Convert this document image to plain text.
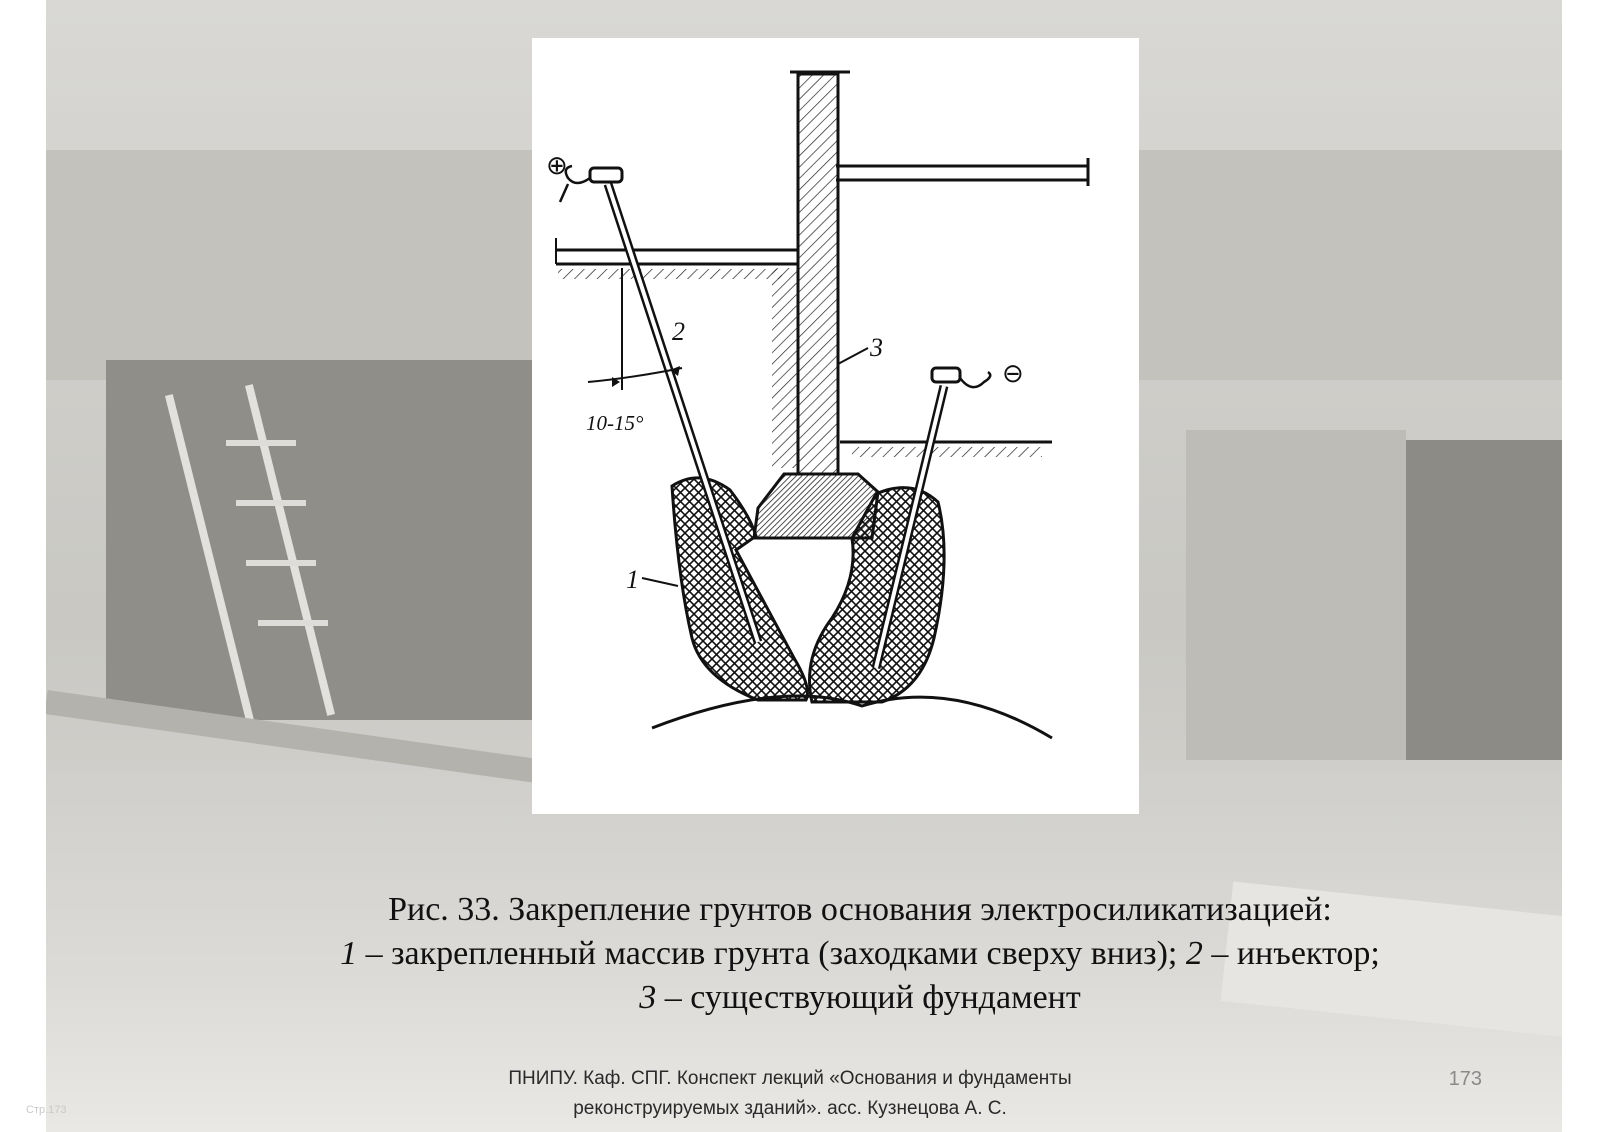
⊕
⊖
2
3
1
10-15°
Рис. 33. Закрепление грунтов основания электросиликатизацией:
1 – закрепленный массив грунта (заходками сверху вниз); 2 – инъектор;
3 – существующий фундамент
ПНИПУ. Каф. СПГ. Конспект лекций «Основания и фундаменты
реконструируемых зданий». асс. Кузнецова А. С.
173
Стр.173
